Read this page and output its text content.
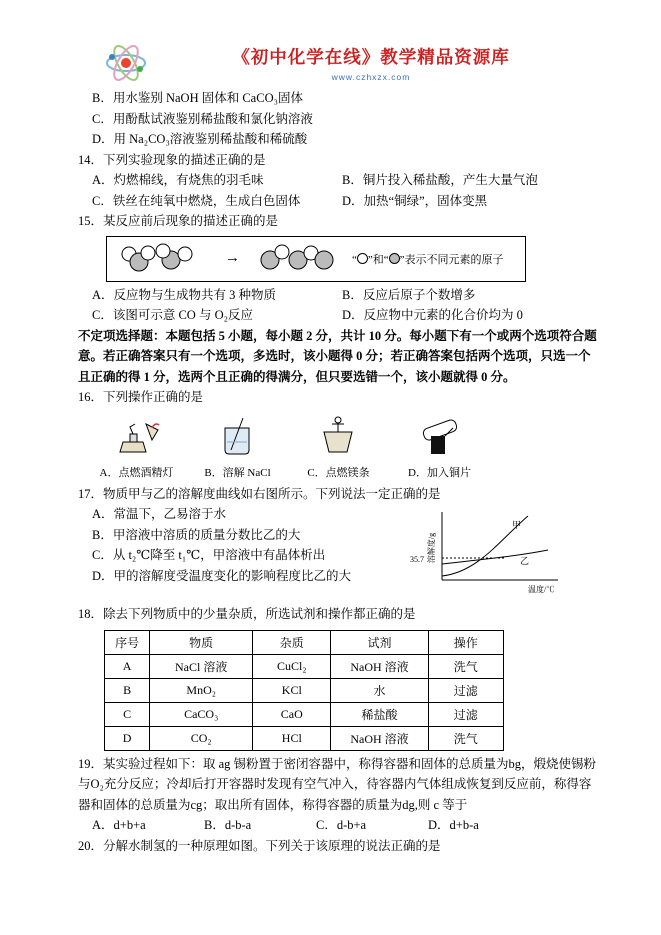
《初中化学在线》教学精品资源库
www.czhxzx.com
B．用水鉴别 NaOH 固体和 CaCO₃固体
C．用酚酞试液鉴别稀盐酸和氯化钠溶液
D．用 Na₂CO₃溶液鉴别稀盐酸和稀硫酸
14．下列实验现象的描述正确的是
A．灼燃棉线，有烧焦的羽毛味	B．铜片投入稀盐酸，产生大量气泡
C．铁丝在纯氧中燃烧，生成白色固体	D．加热“铜绿”，固体变黑
15．某反应前后现象的描述正确的是
→	“ ”和“ ”表示不同元素的原子
A．反应物与生成物共有 3 种物质	B．反应后原子个数增多
C．该图可示意 CO 与 O₂反应	D．反应物中元素的化合价均为 0
不定项选择题：本题包括 5 小题，每小题 2 分，共计 10 分。每小题下有一个或两个选项符合题意。若正确答案只有一个选项，多选时，该小题得 0 分；若正确答案包括两个选项，只选一个且正确的得 1 分，选两个且正确的得满分，但只要选错一个，该小题就得 0 分。
16．下列操作正确的是
A．点燃酒精灯	B．溶解 NaCl	C．点燃镁条	D．加入铜片
17．物质甲与乙的溶解度曲线如右图所示。下列说法一定正确的是
A．常温下，乙易溶于水
B．甲溶液中溶质的质量分数比乙的大
C．从 t₂℃降至 t₁℃，甲溶液中有晶体析出
D．甲的溶解度受温度变化的影响程度比乙的大
35.7
甲
乙
温度/℃
溶解度/g
18．除去下列物质中的少量杂质，所选试剂和操作都正确的是
序号	物质	杂质	试剂	操作
A	NaCl 溶液	CuCl₂	NaOH 溶液	洗气
B	MnO₂	KCl	水	过滤
C	CaCO₃	CaO	稀盐酸	过滤
D	CO₂	HCl	NaOH 溶液	洗气
19．某实验过程如下：取 ag 锡粉置于密闭容器中，称得容器和固体的总质量为bg，煅烧使锡粉与O₂充分反应；冷却后打开容器时发现有空气冲入，待容器内气体组成恢复到反应前，称得容器和固体的总质量为cg；取出所有固体，称得容器的质量为dg,则 c 等于
A．d+b+a	B．d-b-a	C．d-b+a	D．d+b-a
20．分解水制氢的一种原理如图。下列关于该原理的说法正确的是
